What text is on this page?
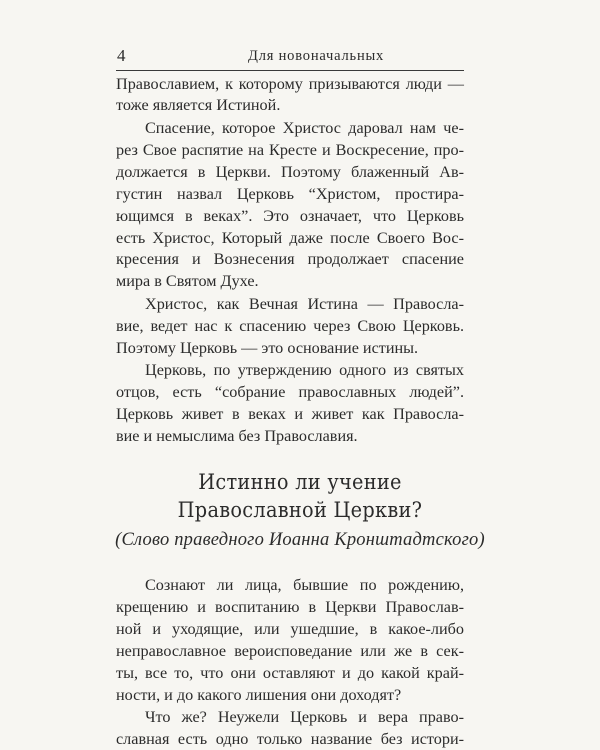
4	Для новоначальных
Православием, к которому призываются люди —
тоже является Истиной.
Спасение, которое Христос даровал нам че-
рез Свое распятие на Кресте и Воскресение, про-
должается в Церкви. Поэтому блаженный Ав-
густин назвал Церковь “Христом, простира-
ющимся в веках”. Это означает, что Церковь
есть Христос, Который даже после Своего Вос-
кресения и Вознесения продолжает спасение
мира в Святом Духе.
Христос, как Вечная Истина — Правосла-
вие, ведет нас к спасению через Свою Церковь.
Поэтому Церковь — это основание истины.
Церковь, по утверждению одного из святых
отцов, есть “собрание православных людей”.
Церковь живет в веках и живет как Правосла-
вие и немыслима без Православия.
Истинно ли учение
Православной Церкви?
(Слово праведного Иоанна Кронштадтского)
Сознают ли лица, бывшие по рождению,
крещению и воспитанию в Церкви Православ-
ной и уходящие, или ушедшие, в какое-либо
неправославное вероисповедание или же в сек-
ты, все то, что они оставляют и до какой край-
ности, и до какого лишения они доходят?
Что же? Неужели Церковь и вера право-
славная есть одно только название без истори-
